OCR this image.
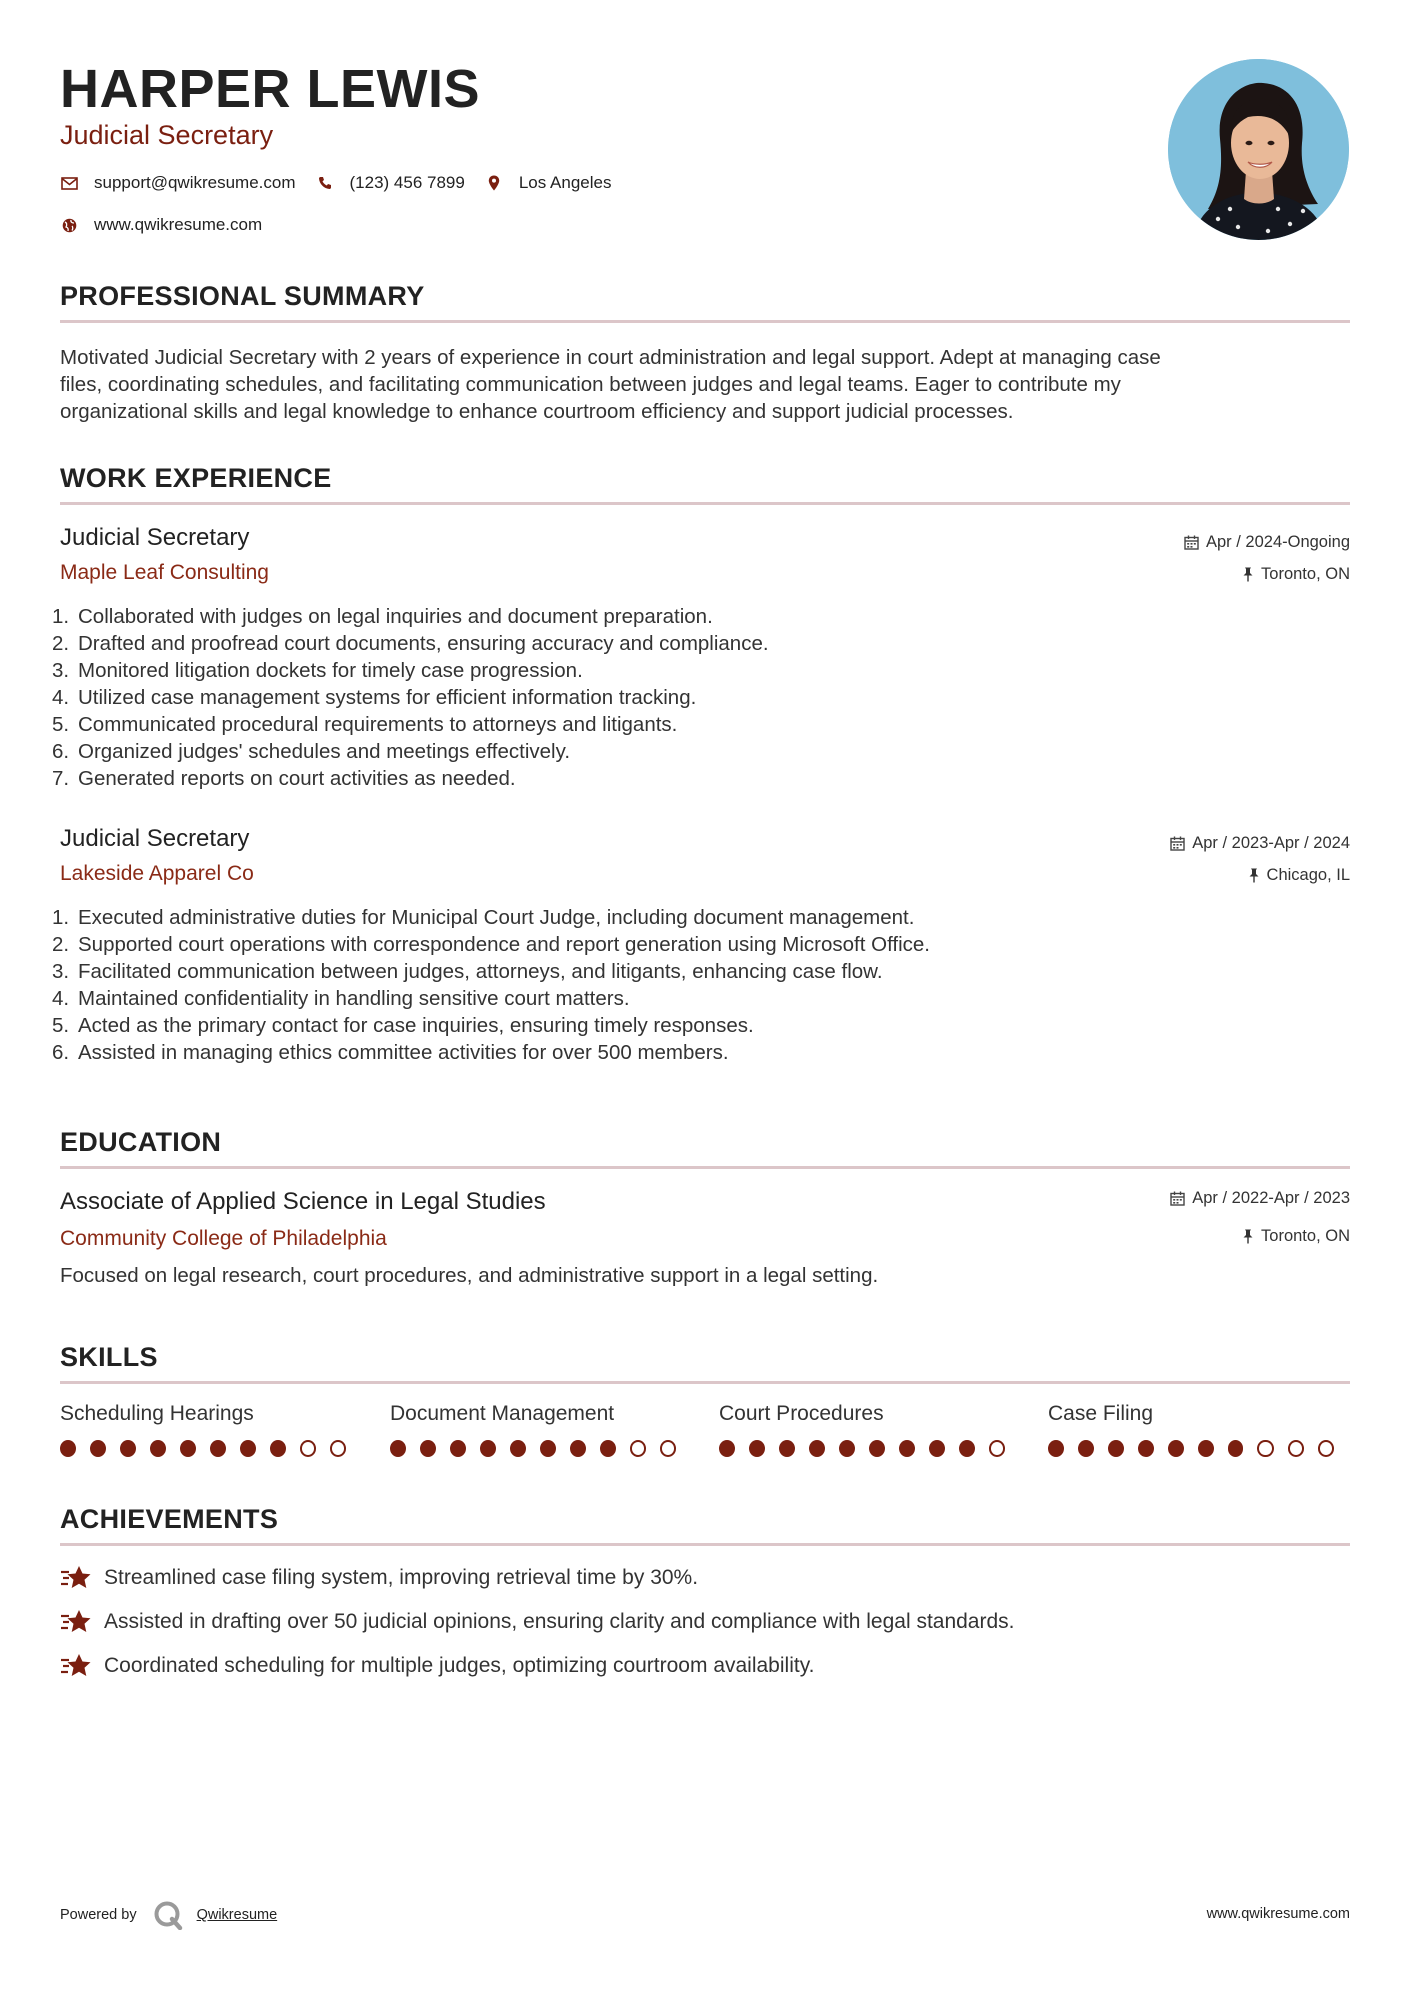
HARPER LEWIS
Judicial Secretary
support@qwikresume.com	(123) 456 7899	Los Angeles
www.qwikresume.com
PROFESSIONAL SUMMARY
Motivated Judicial Secretary with 2 years of experience in court administration and legal support. Adept at managing case
files, coordinating schedules, and facilitating communication between judges and legal teams. Eager to contribute my
organizational skills and legal knowledge to enhance courtroom efficiency and support judicial processes.
WORK EXPERIENCE
Judicial Secretary
Maple Leaf Consulting
Apr / 2024-Ongoing
Toronto, ON
1. Collaborated with judges on legal inquiries and document preparation.
2. Drafted and proofread court documents, ensuring accuracy and compliance.
3. Monitored litigation dockets for timely case progression.
4. Utilized case management systems for efficient information tracking.
5. Communicated procedural requirements to attorneys and litigants.
6. Organized judges' schedules and meetings effectively.
7. Generated reports on court activities as needed.
Judicial Secretary
Lakeside Apparel Co
Apr / 2023-Apr / 2024
Chicago, IL
1. Executed administrative duties for Municipal Court Judge, including document management.
2. Supported court operations with correspondence and report generation using Microsoft Office.
3. Facilitated communication between judges, attorneys, and litigants, enhancing case flow.
4. Maintained confidentiality in handling sensitive court matters.
5. Acted as the primary contact for case inquiries, ensuring timely responses.
6. Assisted in managing ethics committee activities for over 500 members.
EDUCATION
Associate of Applied Science in Legal Studies
Community College of Philadelphia
Apr / 2022-Apr / 2023
Toronto, ON
Focused on legal research, court procedures, and administrative support in a legal setting.
SKILLS
Scheduling Hearings	Document Management	Court Procedures	Case Filing
ACHIEVEMENTS
Streamlined case filing system, improving retrieval time by 30%.
Assisted in drafting over 50 judicial opinions, ensuring clarity and compliance with legal standards.
Coordinated scheduling for multiple judges, optimizing courtroom availability.
Powered by	Qwikresume	www.qwikresume.com
